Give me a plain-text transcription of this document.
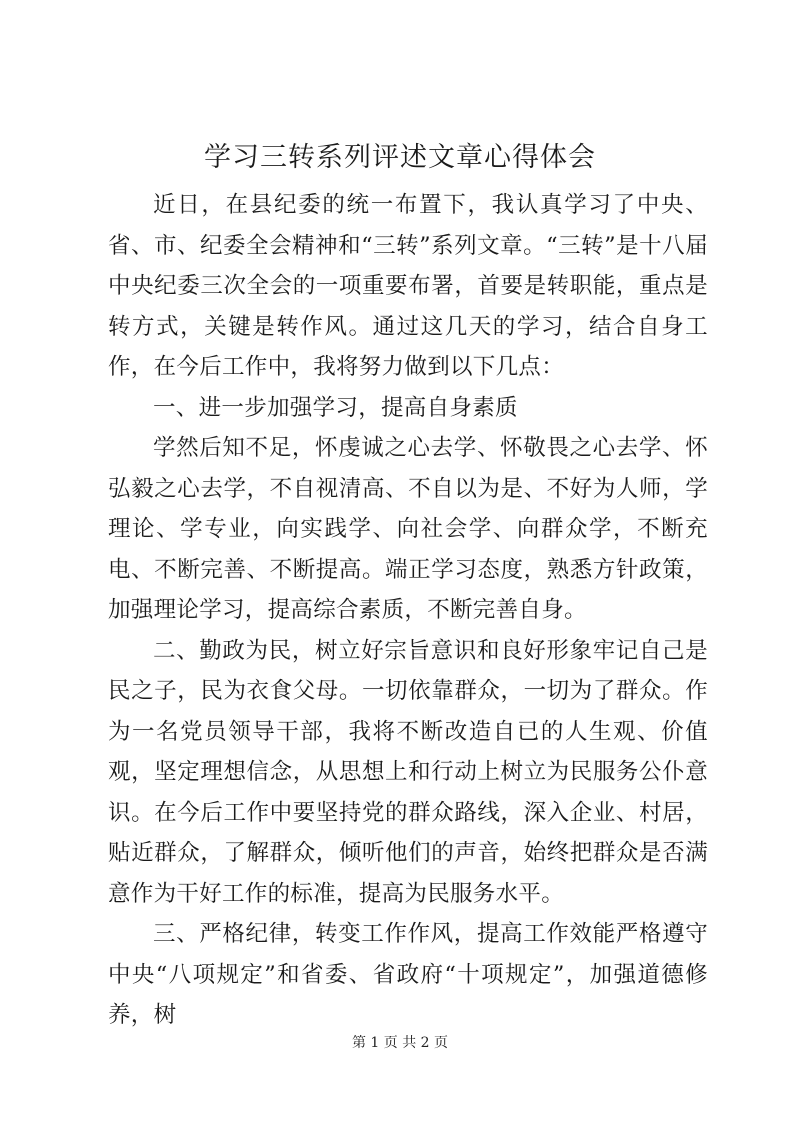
学习三转系列评述文章心得体会

近日，在县纪委的统一布置下，我认真学习了中央、省、市、纪委全会精神和“三转”系列文章。“三转”是十八届中央纪委三次全会的一项重要布署，首要是转职能，重点是转方式，关键是转作风。通过这几天的学习，结合自身工作，在今后工作中，我将努力做到以下几点：

一、进一步加强学习，提高自身素质

学然后知不足，怀虔诚之心去学、怀敬畏之心去学、怀弘毅之心去学，不自视清高、不自以为是、不好为人师，学理论、学专业，向实践学、向社会学、向群众学，不断充电、不断完善、不断提高。端正学习态度，熟悉方针政策，加强理论学习，提高综合素质，不断完善自身。

二、勤政为民，树立好宗旨意识和良好形象牢记自己是民之子，民为衣食父母。一切依靠群众，一切为了群众。作为一名党员领导干部，我将不断改造自已的人生观、价值观，坚定理想信念，从思想上和行动上树立为民服务公仆意识。在今后工作中要坚持党的群众路线，深入企业、村居，贴近群众，了解群众，倾听他们的声音，始终把群众是否满意作为干好工作的标准，提高为民服务水平。

三、严格纪律，转变工作作风，提高工作效能严格遵守中央“八项规定”和省委、省政府“十项规定”，加强道德修养，树

第 1 页 共 2 页
